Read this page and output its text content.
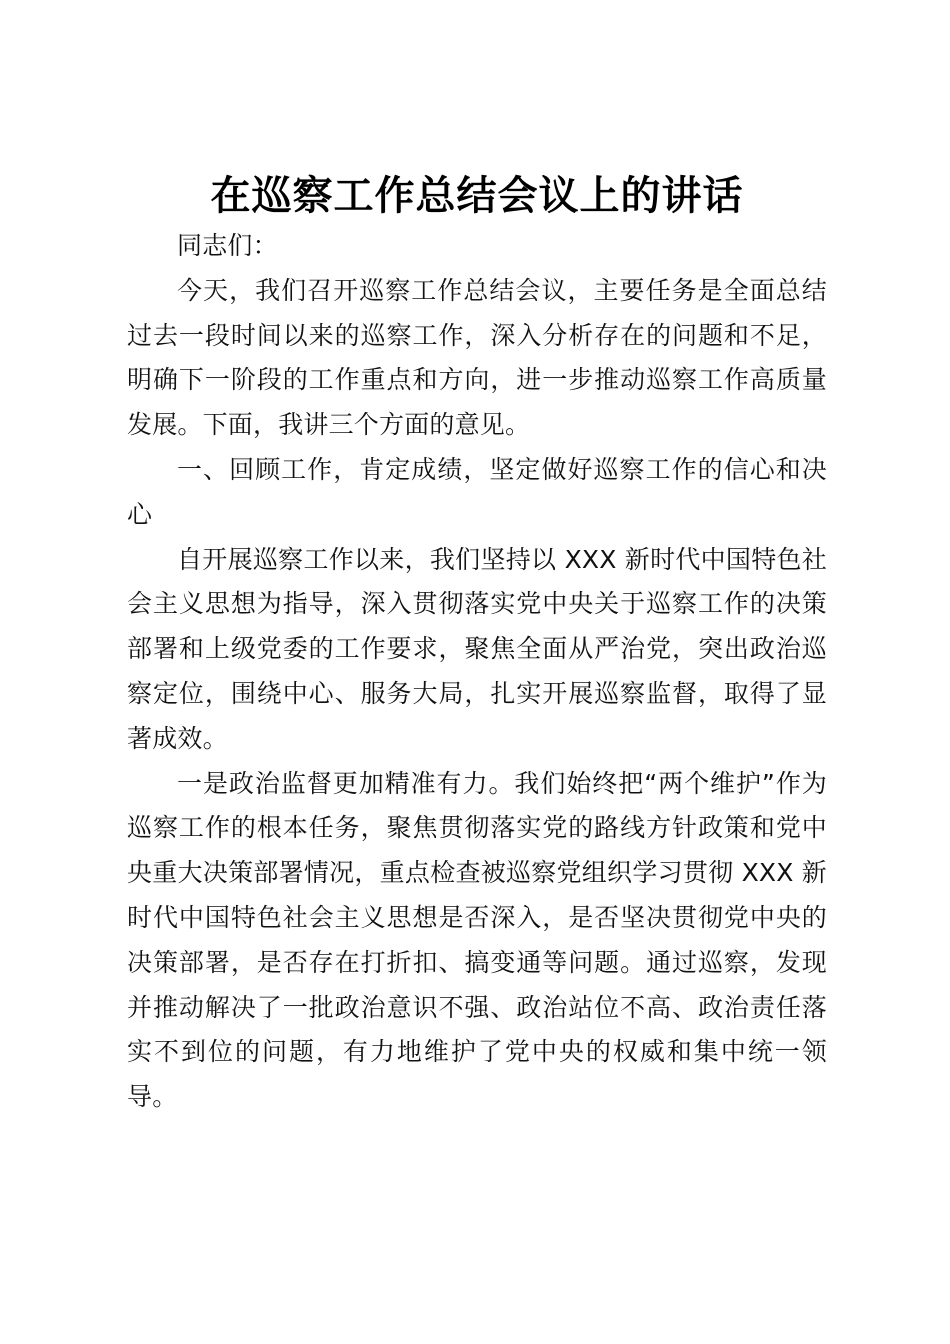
在巡察工作总结会议上的讲话

同志们：

今天，我们召开巡察工作总结会议，主要任务是全面总结过去一段时间以来的巡察工作，深入分析存在的问题和不足，明确下一阶段的工作重点和方向，进一步推动巡察工作高质量发展。下面，我讲三个方面的意见。

一、回顾工作，肯定成绩，坚定做好巡察工作的信心和决心

自开展巡察工作以来，我们坚持以 XXX 新时代中国特色社会主义思想为指导，深入贯彻落实党中央关于巡察工作的决策部署和上级党委的工作要求，聚焦全面从严治党，突出政治巡察定位，围绕中心、服务大局，扎实开展巡察监督，取得了显著成效。

一是政治监督更加精准有力。我们始终把“两个维护”作为巡察工作的根本任务，聚焦贯彻落实党的路线方针政策和党中央重大决策部署情况，重点检查被巡察党组织学习贯彻 XXX 新时代中国特色社会主义思想是否深入，是否坚决贯彻党中央的决策部署，是否存在打折扣、搞变通等问题。通过巡察，发现并推动解决了一批政治意识不强、政治站位不高、政治责任落实不到位的问题，有力地维护了党中央的权威和集中统一领导。
